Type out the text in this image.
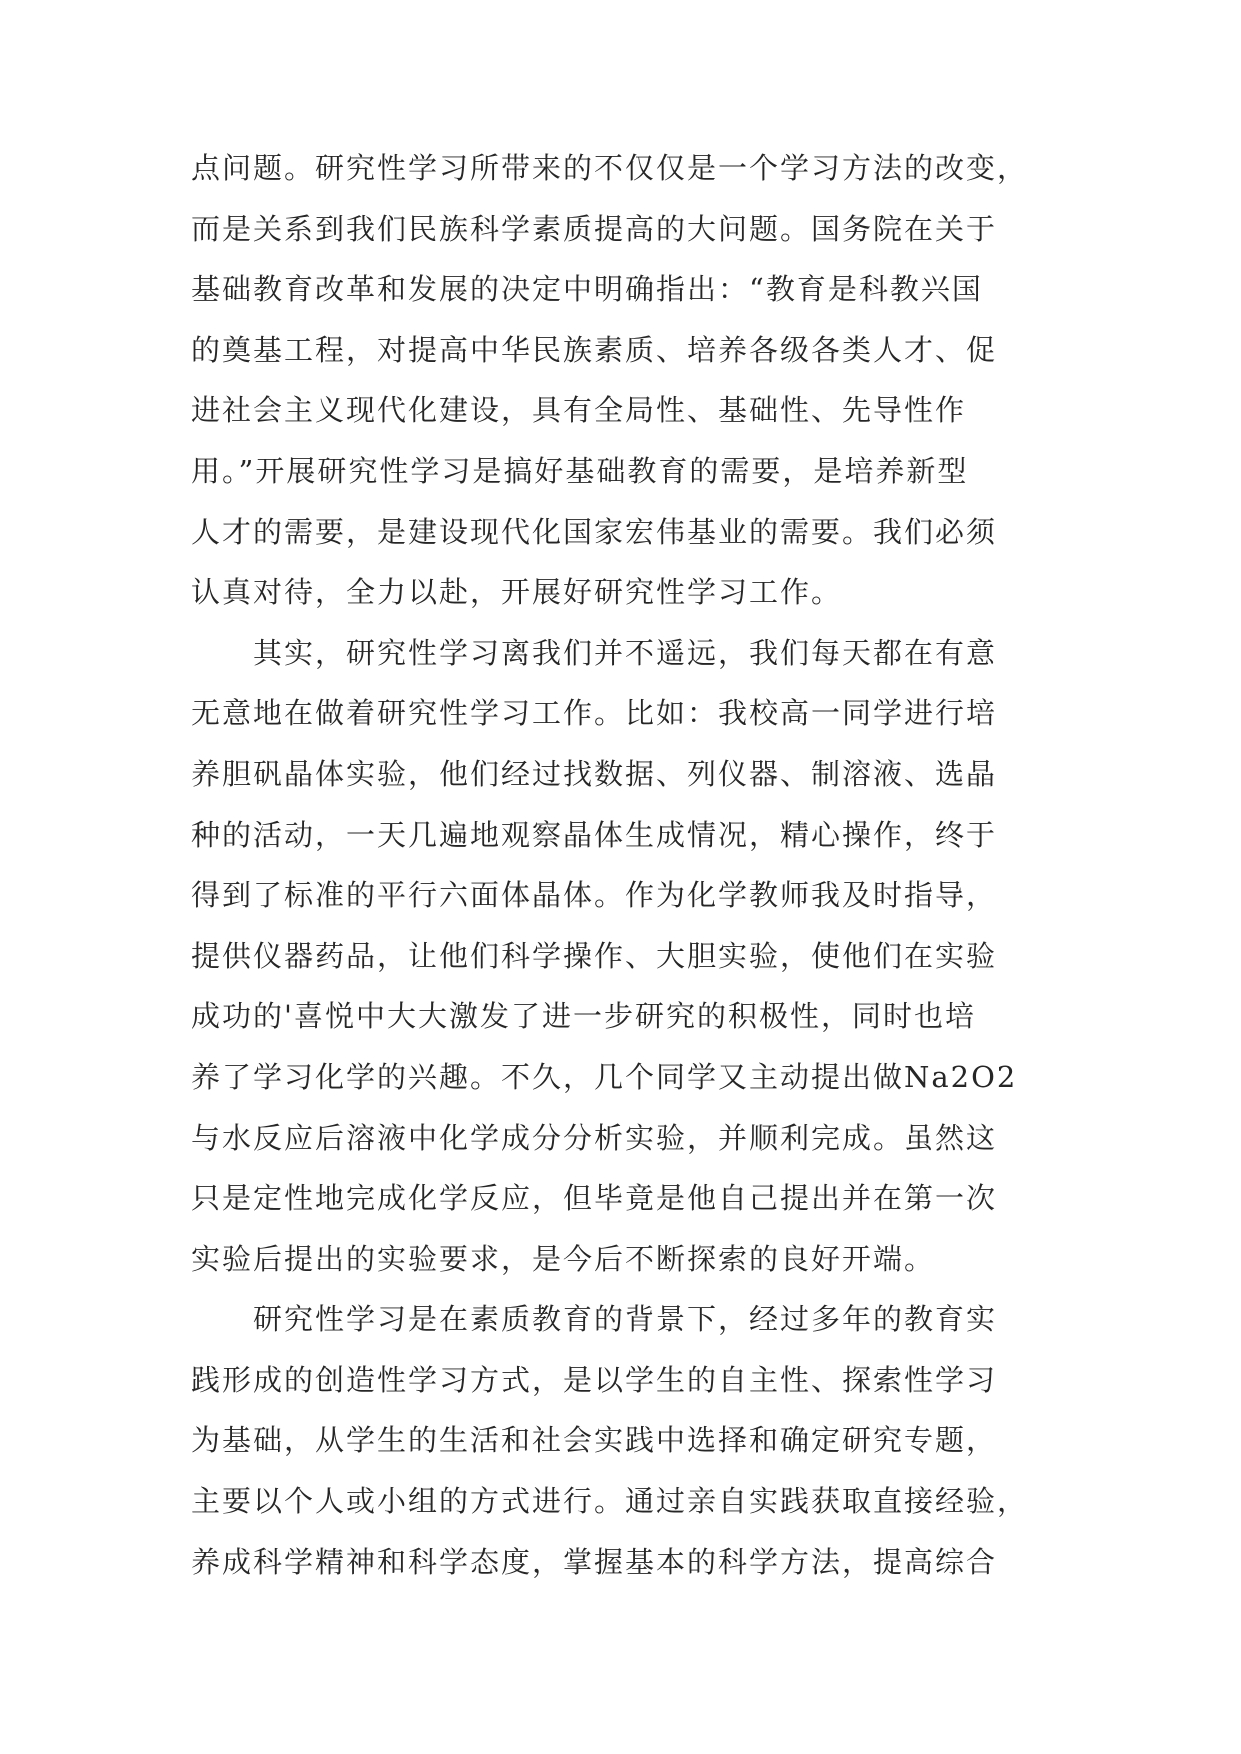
点问题。研究性学习所带来的不仅仅是一个学习方法的改变，
而是关系到我们民族科学素质提高的大问题。国务院在关于
基础教育改革和发展的决定中明确指出：“教育是科教兴国
的奠基工程，对提高中华民族素质、培养各级各类人才、促
进社会主义现代化建设，具有全局性、基础性、先导性作
用。”开展研究性学习是搞好基础教育的需要，是培养新型
人才的需要，是建设现代化国家宏伟基业的需要。我们必须
认真对待，全力以赴，开展好研究性学习工作。
其实，研究性学习离我们并不遥远，我们每天都在有意
无意地在做着研究性学习工作。比如：我校高一同学进行培
养胆矾晶体实验，他们经过找数据、列仪器、制溶液、选晶
种的活动，一天几遍地观察晶体生成情况，精心操作，终于
得到了标准的平行六面体晶体。作为化学教师我及时指导，
提供仪器药品，让他们科学操作、大胆实验，使他们在实验
成功的'喜悦中大大激发了进一步研究的积极性，同时也培
养了学习化学的兴趣。不久，几个同学又主动提出做Na2O2
与水反应后溶液中化学成分分析实验，并顺利完成。虽然这
只是定性地完成化学反应，但毕竟是他自己提出并在第一次
实验后提出的实验要求，是今后不断探索的良好开端。
研究性学习是在素质教育的背景下，经过多年的教育实
践形成的创造性学习方式，是以学生的自主性、探索性学习
为基础，从学生的生活和社会实践中选择和确定研究专题，
主要以个人或小组的方式进行。通过亲自实践获取直接经验，
养成科学精神和科学态度，掌握基本的科学方法，提高综合
